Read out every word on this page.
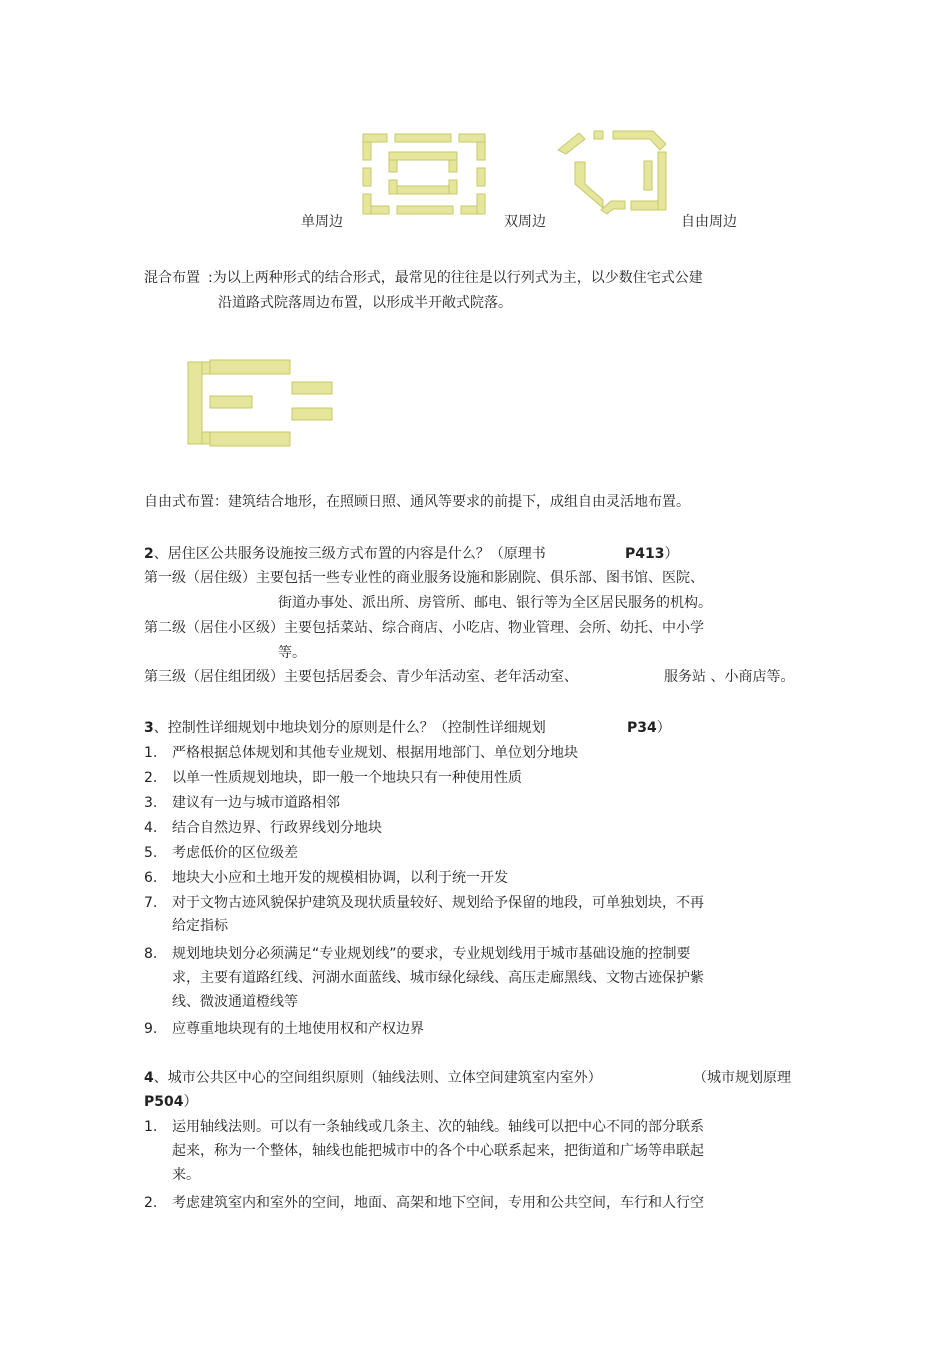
单周边	双周边	自由周边
混合布置 :为以上两种形式的结合形式，最常见的往往是以行列式为主，以少数住宅式公建
沿道路式院落周边布置，以形成半开敞式院落。
自由式布置：建筑结合地形，在照顾日照、通风等要求的前提下，成组自由灵活地布置。
2、居住区公共服务设施按三级方式布置的内容是什么？（原理书	P413）
第一级（居住级）主要包括一些专业性的商业服务设施和影剧院、俱乐部、图书馆、医院、
街道办事处、派出所、房管所、邮电、银行等为全区居民服务的机构。
第二级（居住小区级）主要包括菜站、综合商店、小吃店、物业管理、会所、幼托、中小学
等。
第三级（居住组团级）主要包括居委会、青少年活动室、老年活动室、	服务站 、小商店等。
3、控制性详细规划中地块划分的原则是什么？（控制性详细规划	P34）
1. 严格根据总体规划和其他专业规划、根据用地部门、单位划分地块
2. 以单一性质规划地块，即一般一个地块只有一种使用性质
3. 建议有一边与城市道路相邻
4. 结合自然边界、行政界线划分地块
5. 考虑低价的区位级差
6. 地块大小应和土地开发的规模相协调，以利于统一开发
7. 对于文物古迹风貌保护建筑及现状质量较好、规划给予保留的地段，可单独划块，不再
给定指标
8. 规划地块划分必须满足“专业规划线”的要求，专业规划线用于城市基础设施的控制要
求，主要有道路红线、河湖水面蓝线、城市绿化绿线、高压走廊黑线、文物古迹保护紫
线、微波通道橙线等
9. 应尊重地块现有的土地使用权和产权边界
4、城市公共区中心的空间组织原则（轴线法则、立体空间建筑室内室外）	（城市规划原理
P504）
1. 运用轴线法则。可以有一条轴线或几条主、次的轴线。轴线可以把中心不同的部分联系
起来，称为一个整体，轴线也能把城市中的各个中心联系起来，把街道和广场等串联起
来。
2. 考虑建筑室内和室外的空间，地面、高架和地下空间，专用和公共空间，车行和人行空
